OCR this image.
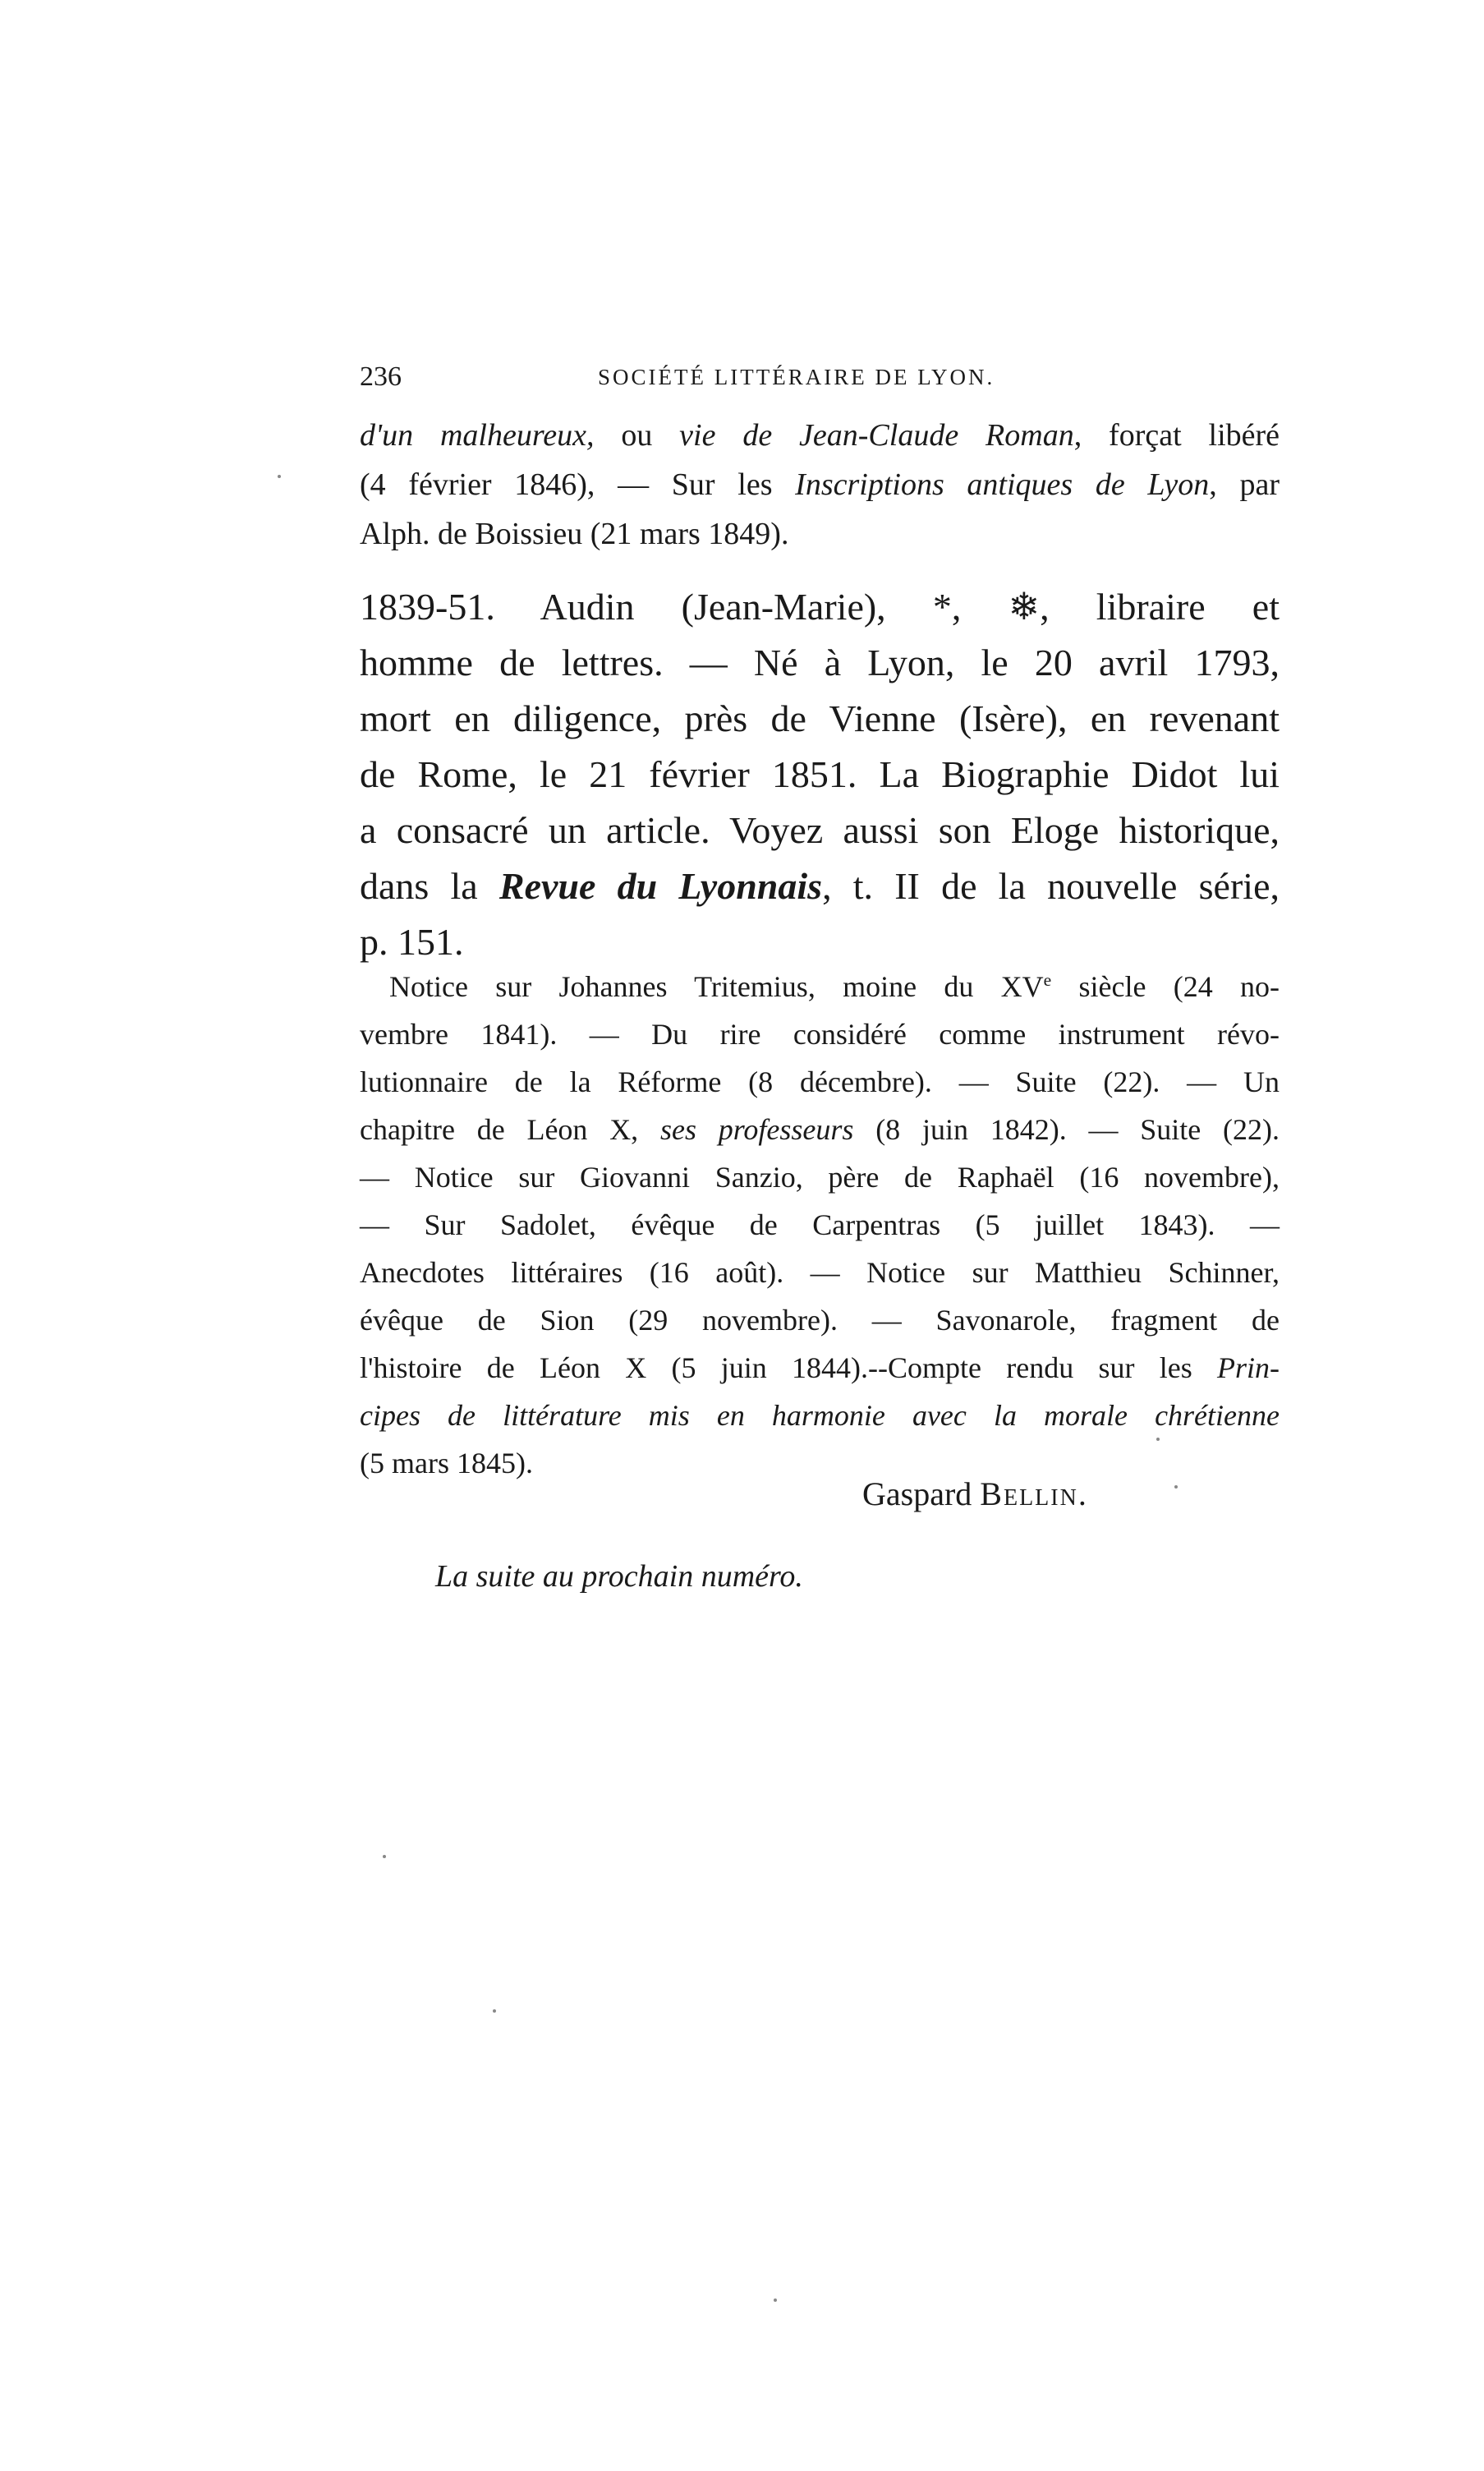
236	SOCIÉTÉ LITTÉRAIRE DE LYON.
d'un malheureux, ou vie de Jean-Claude Roman, forçat libéré
(4 février 1846), — Sur les Inscriptions antiques de Lyon, par
Alph. de Boissieu (21 mars 1849).
1839-51. Audin (Jean-Marie), *, ❄, libraire et
homme de lettres. — Né à Lyon, le 20 avril 1793,
mort en diligence, près de Vienne (Isère), en revenant
de Rome, le 21 février 1851. La Biographie Didot lui
a consacré un article. Voyez aussi son Eloge historique,
dans la Revue du Lyonnais, t. II de la nouvelle série,
p. 151.
Notice sur Johannes Tritemius, moine du XVe siècle (24 no-
vembre 1841). — Du rire considéré comme instrument révo-
lutionnaire de la Réforme (8 décembre). — Suite (22). — Un
chapitre de Léon X, ses professeurs (8 juin 1842). — Suite (22).
— Notice sur Giovanni Sanzio, père de Raphaël (16 novembre),
— Sur Sadolet, évêque de Carpentras (5 juillet 1843). —
Anecdotes littéraires (16 août). — Notice sur Matthieu Schinner,
évêque de Sion (29 novembre). — Savonarole, fragment de
l'histoire de Léon X (5 juin 1844).--Compte rendu sur les Prin-
cipes de littérature mis en harmonie avec la morale chrétienne
(5 mars 1845).
Gaspard Bellin.
La suite au prochain numéro.
